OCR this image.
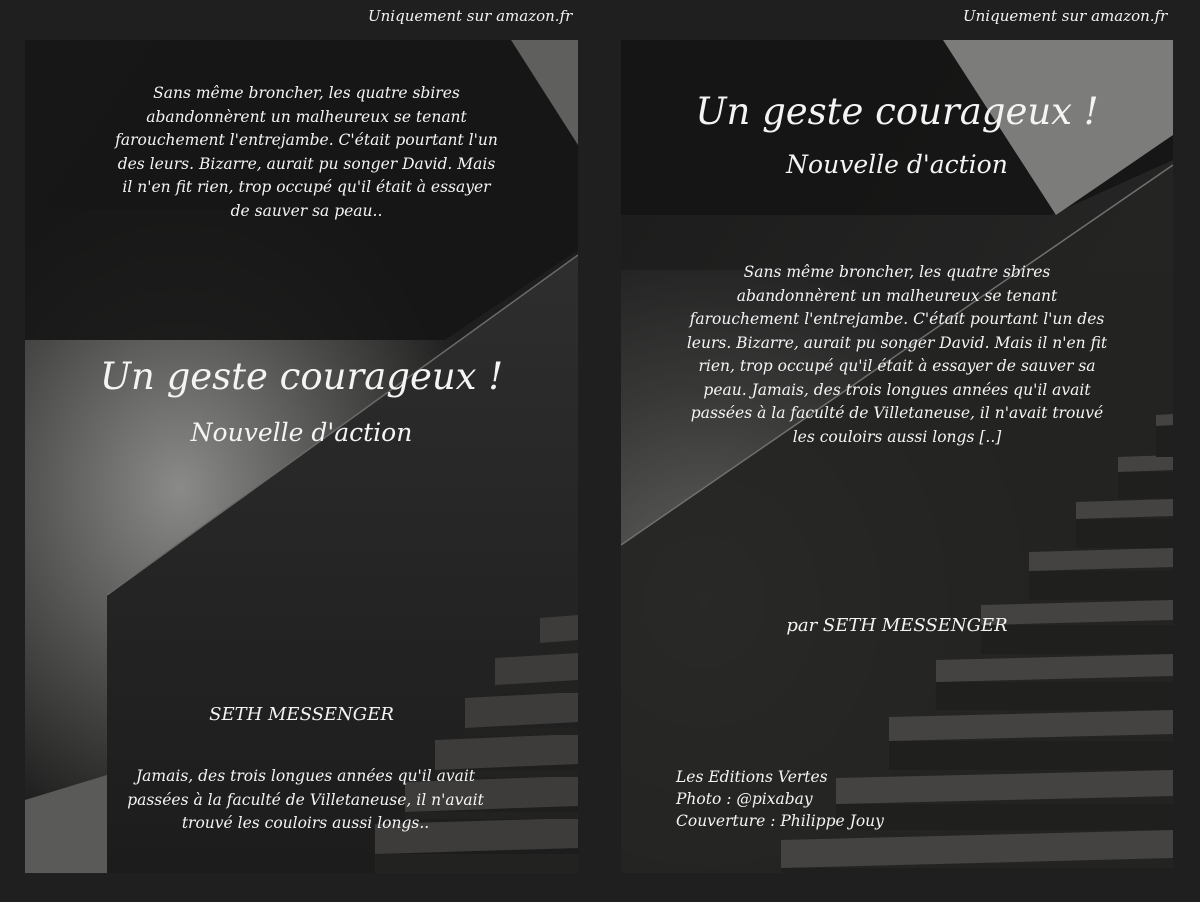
Uniquement sur amazon.fr
Sans même broncher, les quatre sbires abandonnèrent un malheureux se tenant farouchement l'entrejambe. C'était pourtant l'un des leurs. Bizarre, aurait pu songer David. Mais il n'en fit rien, trop occupé qu'il était à essayer de sauver sa peau..
Un geste courageux !
Nouvelle d'action
SETH MESSENGER
Jamais, des trois longues années qu'il avait passées à la faculté de Villetaneuse, il n'avait trouvé les couloirs aussi longs..
Uniquement sur amazon.fr
Un geste courageux !
Nouvelle d'action
Sans même broncher, les quatre sbires abandonnèrent un malheureux se tenant farouchement l'entrejambe. C'était pourtant l'un des leurs. Bizarre, aurait pu songer David. Mais il n'en fit rien, trop occupé qu'il était à essayer de sauver sa peau. Jamais, des trois longues années qu'il avait passées à la faculté de Villetaneuse, il n'avait trouvé les couloirs aussi longs [..]
par SETH MESSENGER
Les Editions Vertes
Photo : @pixabay
Couverture : Philippe Jouy
